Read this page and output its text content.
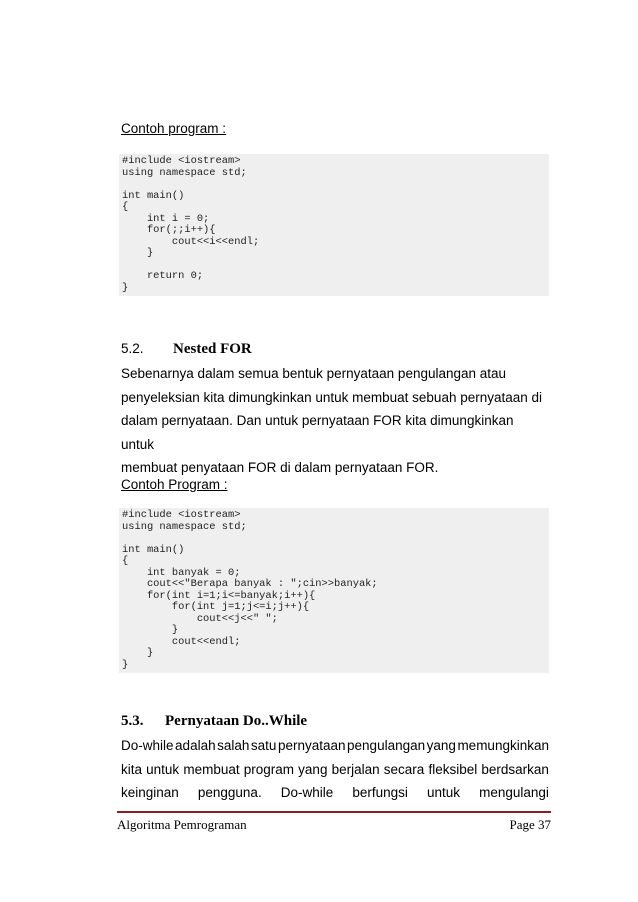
Contoh program :
#include <iostream>
using namespace std;
int main()
{
int i = 0;
for(;;i++){
cout<<i<<endl;
}
return 0;
}
5.2. Nested FOR
Sebenarnya dalam semua bentuk pernyataan pengulangan atau
penyeleksian kita dimungkinkan untuk membuat sebuah pernyataan di
dalam pernyataan. Dan untuk pernyataan FOR kita dimungkinkan untuk
membuat penyataan FOR di dalam pernyataan FOR.
Contoh Program :
#include <iostream>
using namespace std;
int main()
{
int banyak = 0;
cout<<"Berapa banyak : ";cin>>banyak;
for(int i=1;i<=banyak;i++){
for(int j=1;j<=i;j++){
cout<<j<<" ";
}
cout<<endl;
}
}
5.3. Pernyataan Do..While
Do-while adalah salah satu pernyataan pengulangan yang memungkinkan
kita untuk membuat program yang berjalan secara fleksibel berdsarkan
keinginan pengguna. Do-while berfungsi untuk mengulangi
Algoritma Pemrograman	Page 37
